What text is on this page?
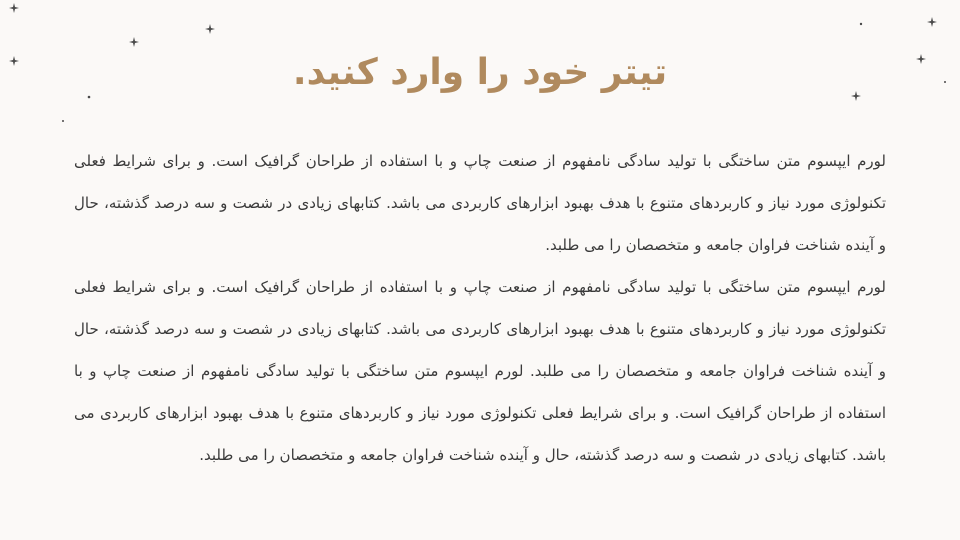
تیتر خود را وارد کنید.

لورم ایپسوم متن ساختگی با تولید سادگی نامفهوم از صنعت چاپ و با استفاده از طراحان گرافیک است. و برای شرایط فعلی تکنولوژی مورد نیاز و کاربردهای متنوع با هدف بهبود ابزارهای کاربردی می باشد. کتابهای زیادی در شصت و سه درصد گذشته، حال و آینده شناخت فراوان جامعه و متخصصان را می طلبد.

لورم ایپسوم متن ساختگی با تولید سادگی نامفهوم از صنعت چاپ و با استفاده از طراحان گرافیک است. و برای شرایط فعلی تکنولوژی مورد نیاز و کاربردهای متنوع با هدف بهبود ابزارهای کاربردی می باشد. کتابهای زیادی در شصت و سه درصد گذشته، حال و آینده شناخت فراوان جامعه و متخصصان را می طلبد. لورم ایپسوم متن ساختگی با تولید سادگی نامفهوم از صنعت چاپ و با استفاده از طراحان گرافیک است. و برای شرایط فعلی تکنولوژی مورد نیاز و کاربردهای متنوع با هدف بهبود ابزارهای کاربردی می باشد. کتابهای زیادی در شصت و سه درصد گذشته، حال و آینده شناخت فراوان جامعه و متخصصان را می طلبد.
